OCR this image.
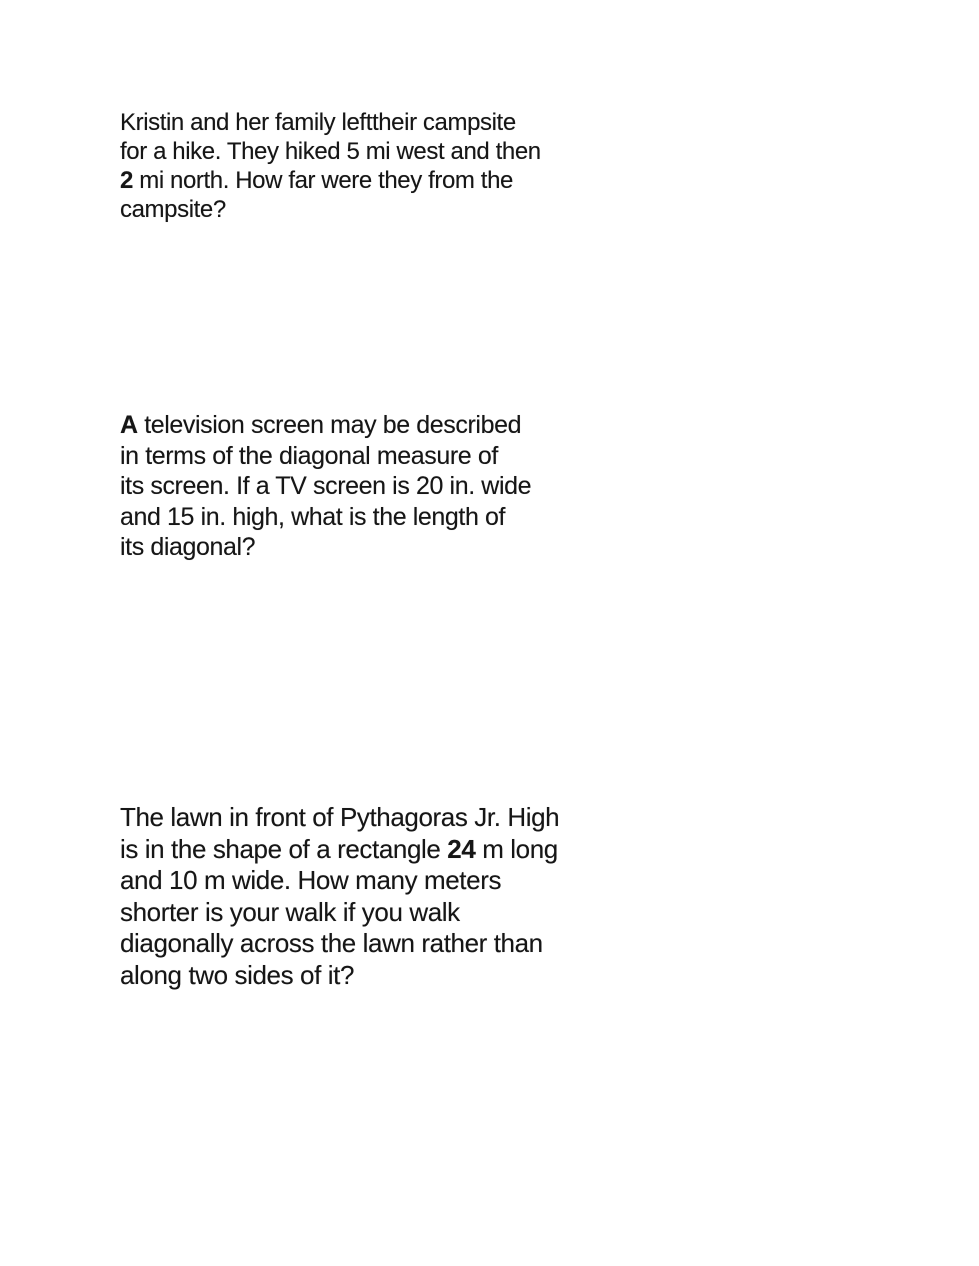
Kristin and her family lefttheir campsite

for a hike. They hiked 5 mi west and then

2 mi north. How far were they from the

campsite?

A television screen may be described

in terms of the diagonal measure of

its screen. If a TV screen is 20 in. wide

and 15 in. high, what is the length of

its diagonal?

The lawn in front of Pythagoras Jr. High

is in the shape of a rectangle 24 m long

and 10 m wide. How many meters

shorter is your walk if you walk

diagonally across the lawn rather than

along two sides of it?
